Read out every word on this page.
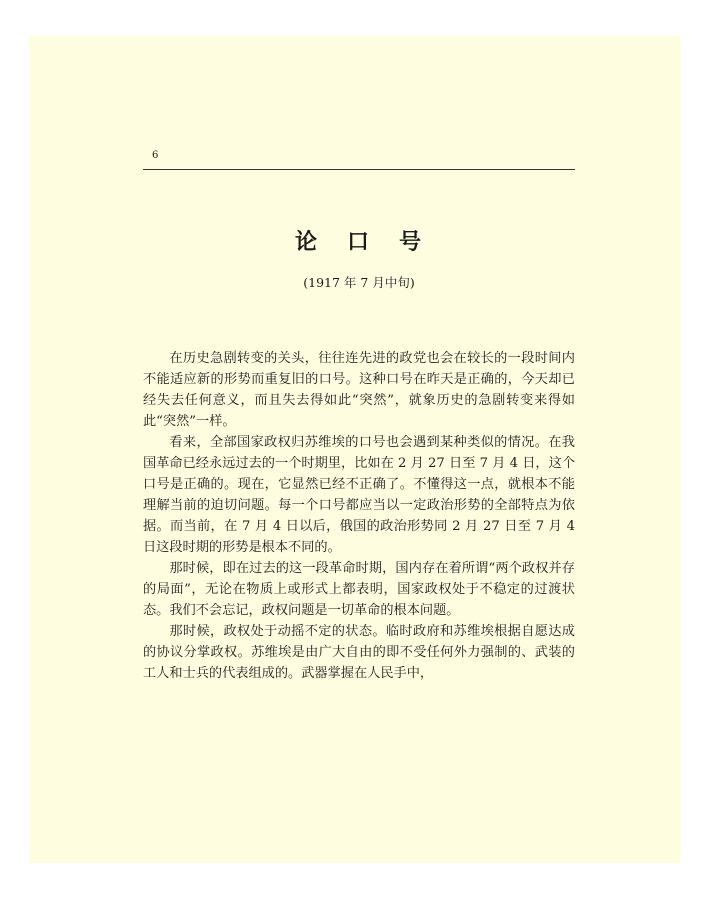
6
论 口 号
(1917 年 7 月中旬)

在历史急剧转变的关头，往往连先进的政党也会在较长的一段时间内不能适应新的形势而重复旧的口号。这种口号在昨天是正确的，今天却已经失去任何意义，而且失去得如此“突然”，就象历史的急剧转变来得如此“突然”一样。

看来，全部国家政权归苏维埃的口号也会遇到某种类似的情况。在我国革命已经永远过去的一个时期里，比如在 2 月 27 日至 7 月 4 日，这个口号是正确的。现在，它显然已经不正确了。不懂得这一点，就根本不能理解当前的迫切问题。每一个口号都应当以一定政治形势的全部特点为依据。而当前，在 7 月 4 日以后，俄国的政治形势同 2 月 27 日至 7 月 4 日这段时期的形势是根本不同的。

那时候，即在过去的这一段革命时期，国内存在着所谓“两个政权并存的局面”，无论在物质上或形式上都表明，国家政权处于不稳定的过渡状态。我们不会忘记，政权问题是一切革命的根本问题。

那时候，政权处于动摇不定的状态。临时政府和苏维埃根据自愿达成的协议分掌政权。苏维埃是由广大自由的即不受任何外力强制的、武装的工人和士兵的代表组成的。武器掌握在人民手中，
